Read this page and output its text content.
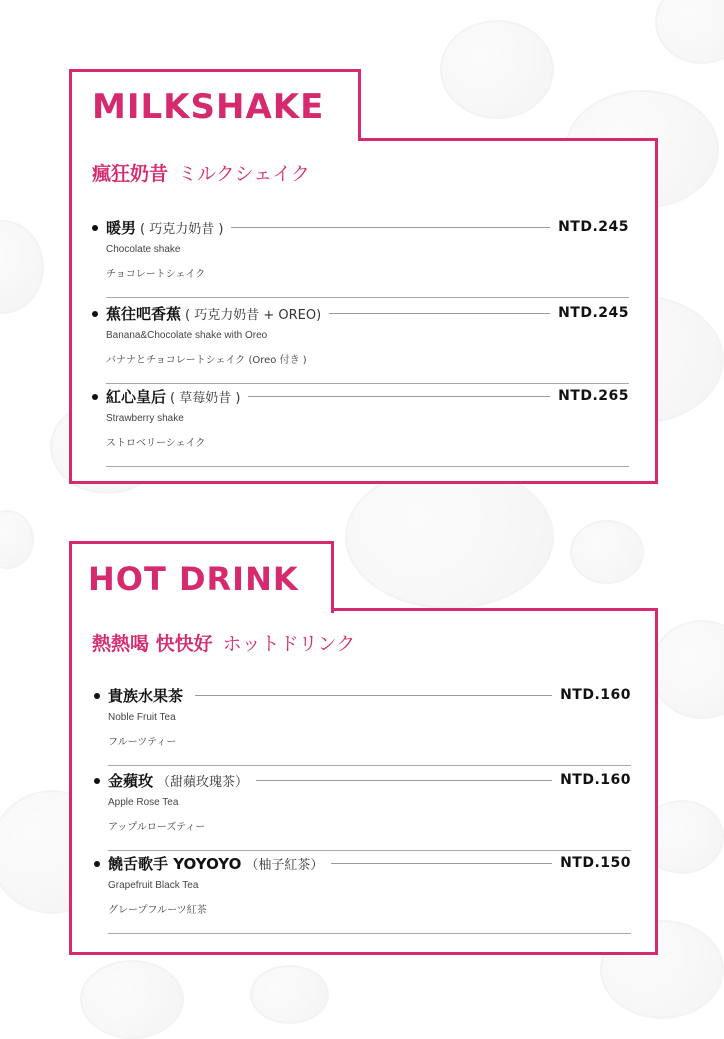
MILKSHAKE
瘋狂奶昔 ミルクシェイク
暖男 ( 巧克力奶昔 )	NTD.245
Chocolate shake
チョコレートシェイク
蕉往吧香蕉 ( 巧克力奶昔 + OREO)	NTD.245
Banana&Chocolate shake with Oreo
バナナとチョコレートシェイク (Oreo 付き )
紅心皇后 ( 草莓奶昔 )	NTD.265
Strawberry shake
ストロベリーシェイク
HOT DRINK
熱熱喝 快快好 ホットドリンク
貴族水果茶	NTD.160
Noble Fruit Tea
フルーツティー
金蘋玫 （甜蘋玫瑰茶）	NTD.160
Apple Rose Tea
アップルローズティー
饒舌歌手 YOYOYO （柚子紅茶）	NTD.150
Grapefruit Black Tea
グレープフルーツ紅茶
